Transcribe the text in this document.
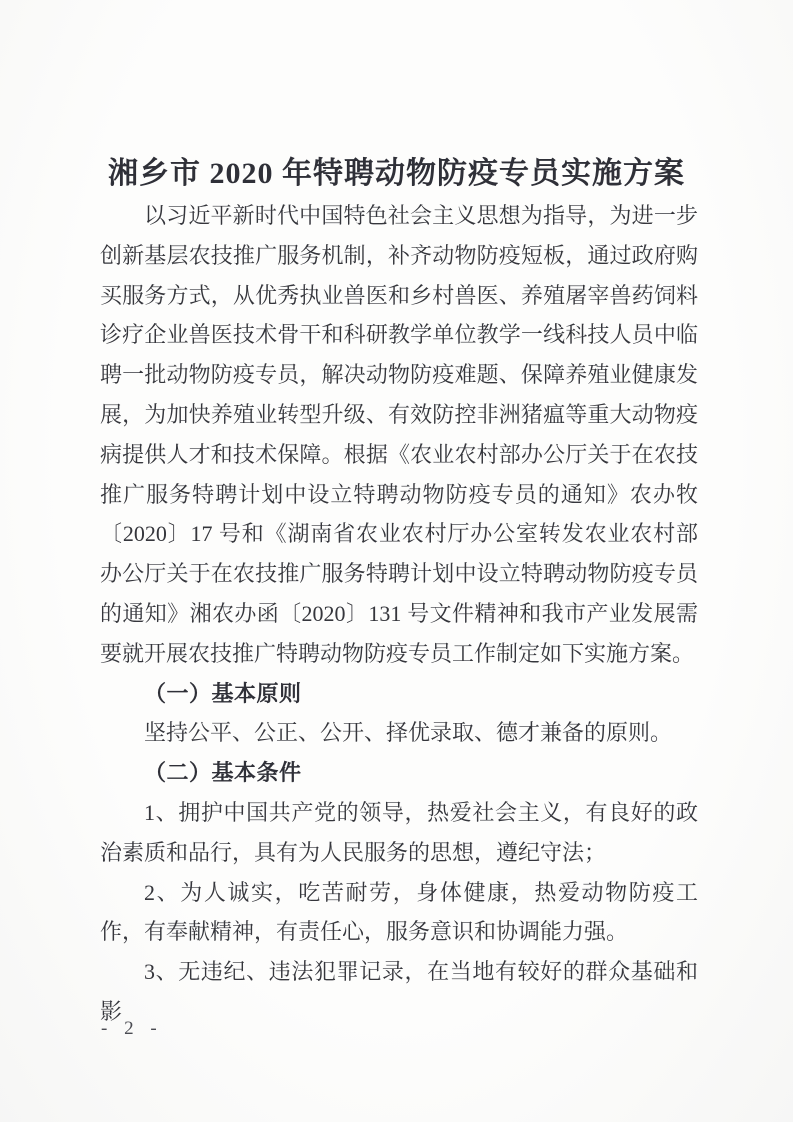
湘乡市 2020 年特聘动物防疫专员实施方案

以习近平新时代中国特色社会主义思想为指导，为进一步创新基层农技推广服务机制，补齐动物防疫短板，通过政府购买服务方式，从优秀执业兽医和乡村兽医、养殖屠宰兽药饲料诊疗企业兽医技术骨干和科研教学单位教学一线科技人员中临聘一批动物防疫专员，解决动物防疫难题、保障养殖业健康发展，为加快养殖业转型升级、有效防控非洲猪瘟等重大动物疫病提供人才和技术保障。根据《农业农村部办公厅关于在农技推广服务特聘计划中设立特聘动物防疫专员的通知》农办牧〔2020〕17 号和《湖南省农业农村厅办公室转发农业农村部办公厅关于在农技推广服务特聘计划中设立特聘动物防疫专员的通知》湘农办函〔2020〕131 号文件精神和我市产业发展需要就开展农技推广特聘动物防疫专员工作制定如下实施方案。

（一）基本原则

坚持公平、公正、公开、择优录取、德才兼备的原则。

（二）基本条件

1、拥护中国共产党的领导，热爱社会主义，有良好的政治素质和品行，具有为人民服务的思想，遵纪守法；

2、为人诚实，吃苦耐劳，身体健康，热爱动物防疫工作，有奉献精神，有责任心，服务意识和协调能力强。

3、无违纪、违法犯罪记录，在当地有较好的群众基础和影

- 2 -
